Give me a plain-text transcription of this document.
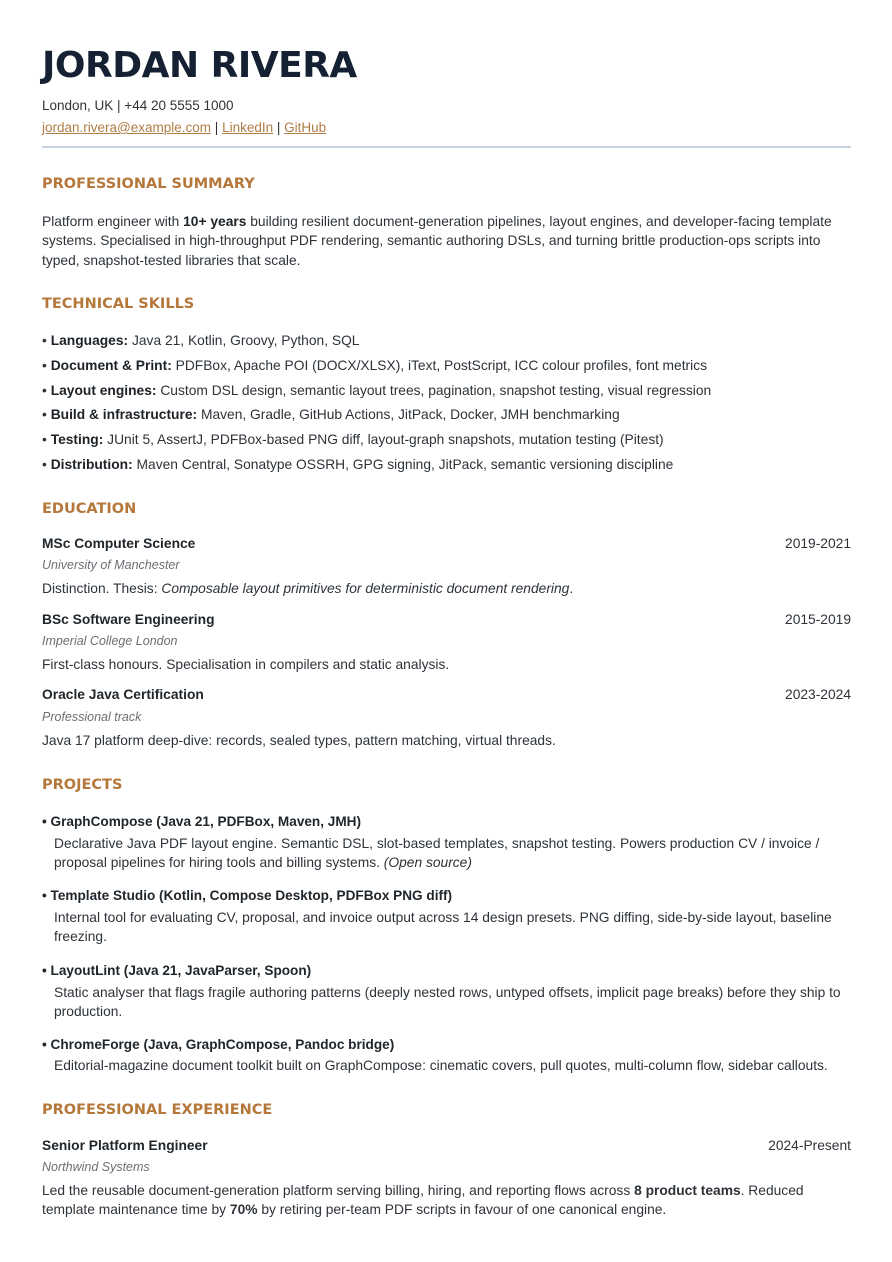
JORDAN RIVERA
London, UK | +44 20 5555 1000
jordan.rivera@example.com | LinkedIn | GitHub
PROFESSIONAL SUMMARY
Platform engineer with 10+ years building resilient document-generation pipelines, layout engines, and developer-facing template systems. Specialised in high-throughput PDF rendering, semantic authoring DSLs, and turning brittle production-ops scripts into typed, snapshot-tested libraries that scale.
TECHNICAL SKILLS
• Languages: Java 21, Kotlin, Groovy, Python, SQL
• Document & Print: PDFBox, Apache POI (DOCX/XLSX), iText, PostScript, ICC colour profiles, font metrics
• Layout engines: Custom DSL design, semantic layout trees, pagination, snapshot testing, visual regression
• Build & infrastructure: Maven, Gradle, GitHub Actions, JitPack, Docker, JMH benchmarking
• Testing: JUnit 5, AssertJ, PDFBox-based PNG diff, layout-graph snapshots, mutation testing (Pitest)
• Distribution: Maven Central, Sonatype OSSRH, GPG signing, JitPack, semantic versioning discipline
EDUCATION
MSc Computer Science	2019-2021
University of Manchester
Distinction. Thesis: Composable layout primitives for deterministic document rendering.
BSc Software Engineering	2015-2019
Imperial College London
First-class honours. Specialisation in compilers and static analysis.
Oracle Java Certification	2023-2024
Professional track
Java 17 platform deep-dive: records, sealed types, pattern matching, virtual threads.
PROJECTS
• GraphCompose (Java 21, PDFBox, Maven, JMH)
Declarative Java PDF layout engine. Semantic DSL, slot-based templates, snapshot testing. Powers production CV / invoice / proposal pipelines for hiring tools and billing systems. (Open source)
• Template Studio (Kotlin, Compose Desktop, PDFBox PNG diff)
Internal tool for evaluating CV, proposal, and invoice output across 14 design presets. PNG diffing, side-by-side layout, baseline freezing.
• LayoutLint (Java 21, JavaParser, Spoon)
Static analyser that flags fragile authoring patterns (deeply nested rows, untyped offsets, implicit page breaks) before they ship to production.
• ChromeForge (Java, GraphCompose, Pandoc bridge)
Editorial-magazine document toolkit built on GraphCompose: cinematic covers, pull quotes, multi-column flow, sidebar callouts.
PROFESSIONAL EXPERIENCE
Senior Platform Engineer	2024-Present
Northwind Systems
Led the reusable document-generation platform serving billing, hiring, and reporting flows across 8 product teams. Reduced template maintenance time by 70% by retiring per-team PDF scripts in favour of one canonical engine.
